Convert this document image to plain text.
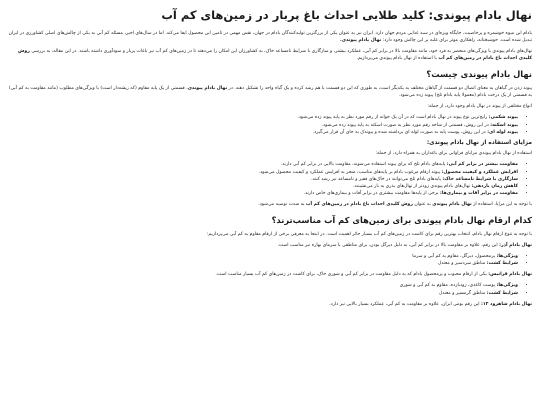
نهال بادام پیوندی: کلید طلایی احداث باغ پربار در زمین‌های کم آب

بادام این میوه خوشمزه و پرخاصیت، جایگاه ویژه‌ای در سبد غذایی مردم جهان دارد. ایران نیز به عنوان یکی از بزرگترین تولیدکنندگان بادام در جهان، نقش مهمی در تامین این محصول ایفا می‌کند. اما در سال‌های اخیر، مسئله کم آبی به یکی از چالش‌های اصلی کشاورزی در ایران تبدیل شده است. خوشبختانه، راهکاری موثر برای غلبه بر این چالش وجود دارد: نهال بادام پیوندی.

نهال‌های بادام پیوندی با ویژگی‌های منحصر به فرد خود، مانند مقاومت بالا در برابر کم آبی، عملکرد بیشتر، و سازگاری با شرایط نامساعد خاک، به کشاورزان این امکان را می‌دهند تا در زمین‌های کم آب نیز باغات پربار و سودآوری داشته باشند. در این مقاله، به بررسی روش کلیدی احداث باغ بادام در زمین‌های کم آب با استفاده از نهال بادام پیوندی می‌پردازیم.

نهال بادام پیوندی چیست؟

پیوند زدن در گیاهان به معنای اتصال دو قسمت از گیاهان مختلف به یکدیگر است، به طوری که این دو قسمت با هم رشد کرده و یک گیاه واحد را تشکیل دهند. در نهال بادام پیوندی، قسمتی از یک پایه مقاوم (که ریشه‌دار است) با ویژگی‌های مطلوب (مانند مقاومت به کم آبی) به قسمتی از یک درخت بادام (معمولا پایه بادام تلخ) پیوند زده می‌شود.

انواع مختلفی از پیوند در نهال بادام وجود دارد، از جمله:

• پیوند شکمی: رایج‌ترین نوع پیوند در نهال بادام است که در آن یک جوانه از رقم مورد نظر به پایه پیوند زده می‌شود.
• پیوند اسکنه: در این روش، قسمتی از شاخه رقم مورد نظر به صورت اسکنه به پایه پیوند زده می‌شود.
• پیوند لوله ای: در این روش، پوست پایه به صورت لوله ای برداشته شده و پیوندک به جای آن قرار می‌گیرد.
مزایای استفاده از نهال بادام پیوندی:

استفاده از نهال بادام پیوندی مزایای فراوانی برای باغداران به همراه دارد، از جمله:

• مقاومت بیشتر در برابر کم آبی: پایه‌های بادام تلخ که برای پیوند استفاده می‌شوند، مقاومت بالایی در برابر کم آبی دارند.
• افزایش عملکرد و کیفیت محصول: پیوند ارقام مرغوب بادام بر پایه‌های مناسب، منجر به افزایش عملکرد و کیفیت محصول می‌شود.
• سازگاری با شرایط نامساعد خاک: پایه‌های بادام تلخ می‌توانند در خاک‌های فقیر و نامساعد نیز رشد کنند.
• کاهش زمان باردهی: نهال‌های بادام پیوندی زودتر از نهال‌های بذری به بار می‌نشینند.
• مقاومت در برابر آفات و بیماری‌ها: برخی از پایه‌ها مقاومت بیشتری در برابر آفات و بیماری‌های خاص دارند.

با توجه به این مزایا، استفاده از نهال بادام پیوندی به عنوان روش کلیدی احداث باغ بادام در زمین‌های کم آب به شدت توصیه می‌شود.

کدام ارقام نهال بادام پیوندی برای زمین‌های کم آب مناسب‌ترند؟

با توجه به تنوع ارقام نهال بادام، انتخاب بهترین رقم برای کاشت در زمین‌های کم آب بسیار حائز اهمیت است. در اینجا به معرفی برخی از ارقام مقاوم به کم آبی می‌پردازیم:

نهال بادام آذر: این رقم، علاوه بر مقاومت بالا در برابر کم آبی، به دلیل دیرگل بودن، برای مناطقی با سرمای بهاره نیز مناسب است.

• ویژگی‌ها: پرمحصول، دیرگل، مقاوم به کم آبی و سرما
• شرایط کشت: مناطق سردسیر و معتدل

نهال بادام فرانیس: یکی از ارقام محبوب و پرمحصول بادام که به دلیل مقاومت در برابر کم آبی و شوری خاک، برای کاشت در زمین‌های کم آب بسیار مناسب است.

• ویژگی‌ها: پوست کاغذی، زودبازده، مقاوم به کم آبی و شوری
• شرایط کشت: مناطق گرمسیر و معتدل

نهال بادام شاهرود ۱۲: این رقم بومی ایران، علاوه بر مقاومت به کم آبی، عملکرد بسیار بالایی نیز دارد.
